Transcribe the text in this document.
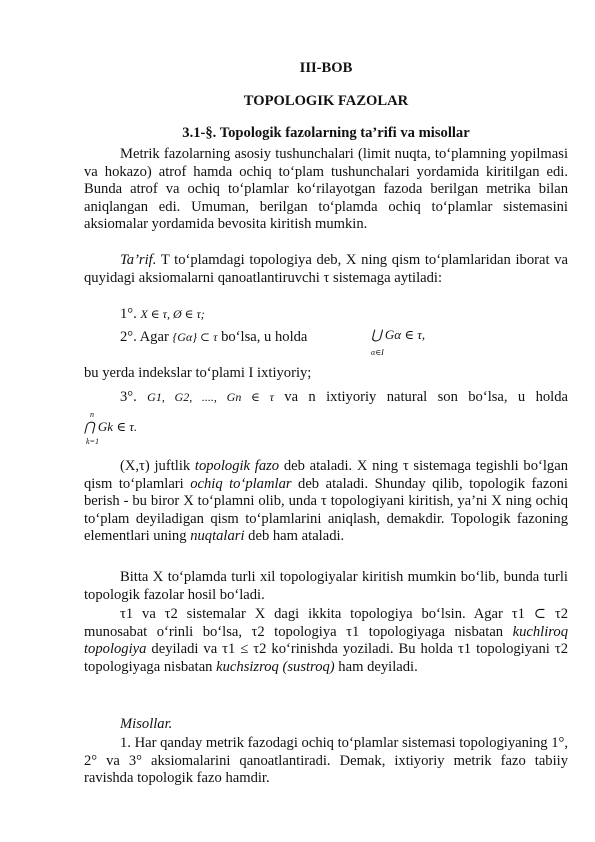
III-BOB
TOPOLOGIK FAZOLAR
3.1-§. Topologik fazolarning ta’rifi va misollar
Metrik fazolarning asosiy tushunchalari (limit nuqta, to‘plamning yopilmasi va hokazo) atrof hamda ochiq to‘plam tushunchalari yordamida kiritilgan edi. Bunda atrof va ochiq to‘plamlar ko‘rilayotgan fazoda berilgan metrika bilan aniqlangan edi. Umuman, berilgan to‘plamda ochiq to‘plamlar sistemasini aksiomalar yordamida bevosita kiritish mumkin.
Ta’rif. T to‘plamdagi topologiya deb, X ning qism to‘plamlaridan iborat va quyidagi aksiomalarni qanoatlantiruvchi τ sistemaga aytiladi:
1°. X ∈ τ, Ø ∈ τ;
2°. Agar {Gα} ⊂ τ bo‘lsa, u holda	⋃ Gα ∈ τ,
α∈I
bu yerda indekslar to‘plami I ixtiyoriy;
3°. G1, G2, ...., Gn ∈ τ va n ixtiyoriy natural son bo‘lsa, u holda
n
⋂ Gk ∈ τ.
k=1
(X,τ) juftlik topologik fazo deb ataladi. X ning τ sistemaga tegishli bo‘lgan qism to‘plamlari ochiq to‘plamlar deb ataladi. Shunday qilib, topologik fazoni berish - bu biror X to‘plamni olib, unda τ topologiyani kiritish, ya’ni X ning ochiq to‘plam deyiladigan qism to‘plamlarini aniqlash, demakdir. Topologik fazoning elementlari uning nuqtalari deb ham ataladi.
Bitta X to‘plamda turli xil topologiyalar kiritish mumkin bo‘lib, bunda turli topologik fazolar hosil bo‘ladi.
τ1 va τ2 sistemalar X dagi ikkita topologiya bo‘lsin. Agar τ1 ⊂ τ2 munosabat o‘rinli bo‘lsa, τ2 topologiya τ1 topologiyaga nisbatan kuchliroq topologiya deyiladi va τ1 ≤ τ2 ko‘rinishda yoziladi. Bu holda τ1 topologiyani τ2 topologiyaga nisbatan kuchsizroq (sustroq) ham deyiladi.
Misollar.
1. Har qanday metrik fazodagi ochiq to‘plamlar sistemasi topologiyaning 1°, 2° va 3° aksiomalarini qanoatlantiradi. Demak, ixtiyoriy metrik fazo tabiiy ravishda topologik fazo hamdir.
